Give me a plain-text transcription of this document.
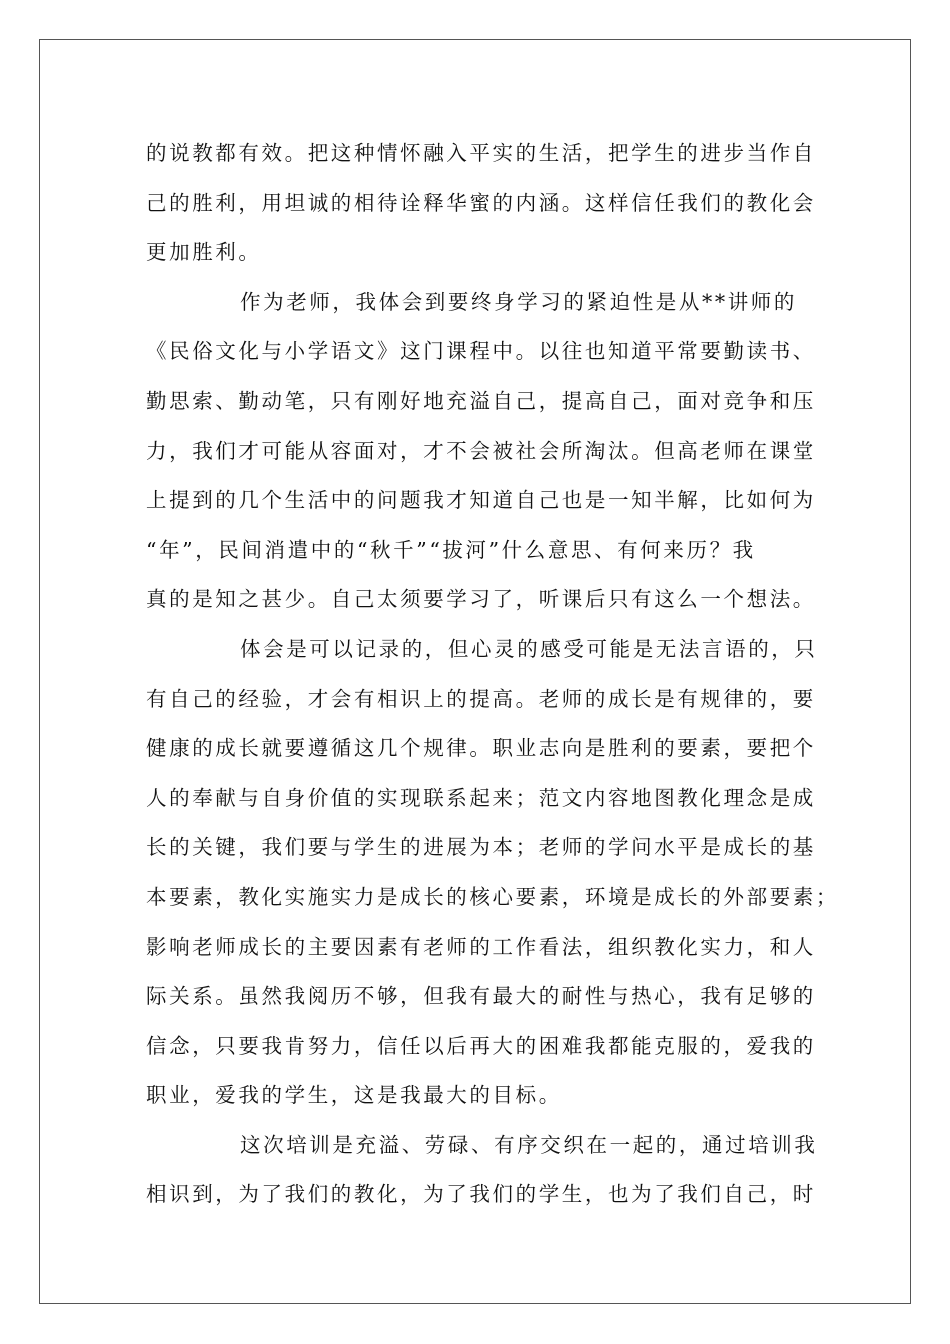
的说教都有效。把这种情怀融入平实的生活，把学生的进步当作自
己的胜利，用坦诚的相待诠释华蜜的内涵。这样信任我们的教化会
更加胜利。
作为老师，我体会到要终身学习的紧迫性是从**讲师的
《民俗文化与小学语文》这门课程中。以往也知道平常要勤读书、
勤思索、勤动笔，只有刚好地充溢自己，提高自己，面对竞争和压
力，我们才可能从容面对，才不会被社会所淘汰。但高老师在课堂
上提到的几个生活中的问题我才知道自己也是一知半解，比如何为
“年”，民间消遣中的“秋千”“拔河”什么意思、有何来历？我
真的是知之甚少。自己太须要学习了，听课后只有这么一个想法。
体会是可以记录的，但心灵的感受可能是无法言语的，只
有自己的经验，才会有相识上的提高。老师的成长是有规律的，要
健康的成长就要遵循这几个规律。职业志向是胜利的要素，要把个
人的奉献与自身价值的实现联系起来；范文内容地图教化理念是成
长的关键，我们要与学生的进展为本；老师的学问水平是成长的基
本要素，教化实施实力是成长的核心要素，环境是成长的外部要素；
影响老师成长的主要因素有老师的工作看法，组织教化实力，和人
际关系。虽然我阅历不够，但我有最大的耐性与热心，我有足够的
信念，只要我肯努力，信任以后再大的困难我都能克服的，爱我的
职业，爱我的学生，这是我最大的目标。
这次培训是充溢、劳碌、有序交织在一起的，通过培训我
相识到，为了我们的教化，为了我们的学生，也为了我们自己，时
